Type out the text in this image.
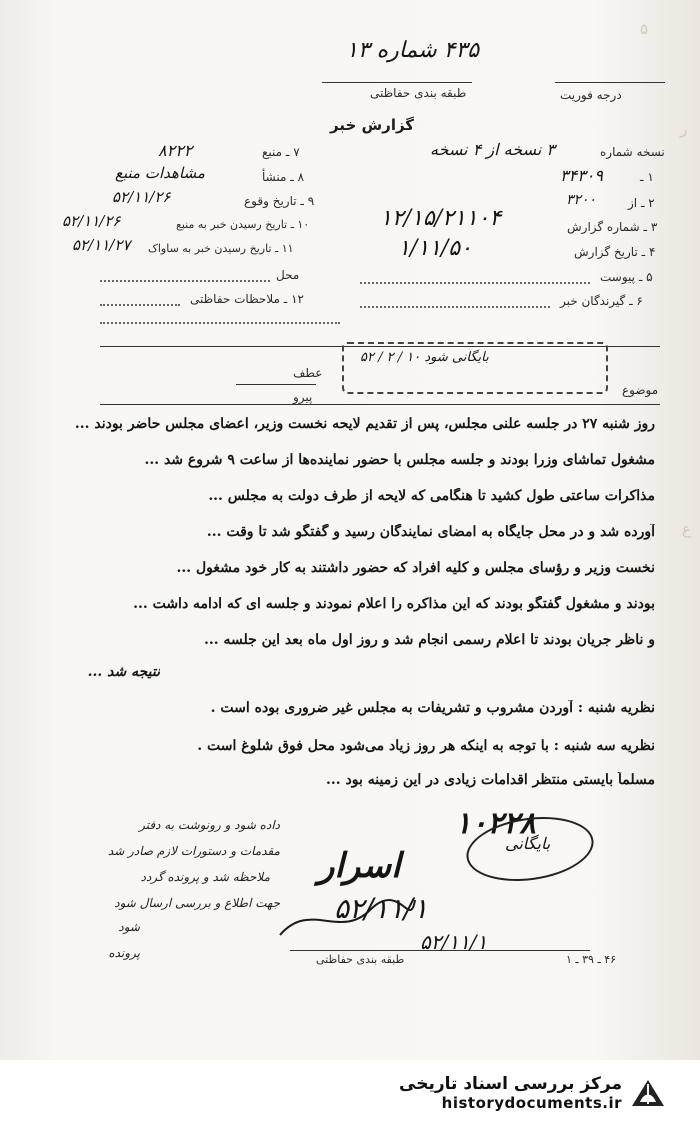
۵
ر
ع
۴۳۵ شماره ۱۳
طبقه بندی حفاظتی	درجه فوریت
گزارش خبر
نسخه شماره
۳ نسخه از ۴ نسخه
۱ ـ
۳۴۳۰۹
۲ ـ از
۳۲۰۰
۳ ـ شماره گزارش
۱۲/۱۵/۲۱۱۰۴
۴ ـ تاریخ گزارش
۱/۱۱/۵۰
۵ ـ پیوست
۶ ـ گیرندگان خبر
۷ ـ منبع
۸۲۲۲
۸ ـ منشأ
مشاهدات منبع
۹ ـ تاریخ وقوع
۵۲/۱۱/۲۶
۱۰ ـ تاریخ رسیدن خبر به منبع
۵۲/۱۱/۲۶
۱۱ ـ تاریخ رسیدن خبر به ساواک
۵۲/۱۱/۲۷
محل
۱۲ ـ ملاحظات حفاظتی
بایگانی شود ۱۰ / ۲ / ۵۲
موضوع
عطف
پیرو
روز شنبه ۲۷ در جلسه علنی مجلس، پس از تقدیم لایحه نخست وزیر، اعضای مجلس حاضر بودند ...
مشغول تماشای وزرا بودند و جلسه مجلس با حضور نماینده‌ها از ساعت ۹ شروع شد ...
مذاکرات ساعتی طول کشید تا هنگامی که لایحه از طرف دولت به مجلس ...
آورده شد و در محل جایگاه به امضای نمایندگان رسید و گفتگو شد تا وقت ...
نخست وزیر و رؤسای مجلس و کلیه افراد که حضور داشتند به کار خود مشغول ...
بودند و مشغول گفتگو بودند که این مذاکره را اعلام نمودند و جلسه ای که ادامه داشت ...
و ناظر جریان بودند تا اعلام رسمی انجام شد و روز اول ماه بعد این جلسه ...
نتیجه شد ...
نظریه شنبه : آوردن مشروب و تشریفات به مجلس غیر ضروری بوده است .
نظریه سه شنبه : با توجه به اینکه هر روز زیاد می‌شود محل فوق شلوغ است .
مسلماً بایستی منتظر اقدامات زیادی در این زمینه بود ...
۱۰۲۲۸
بایگانی
اسرار
۵۲/۱۱/۱
داده شود و رونوشت به دفتر
مقدمات و دستورات لازم صادر شد
ملاحظه شد و پرونده گردد
جهت اطلاع و بررسی ارسال شود
شود
پرونده	۵۲/۱۱/۱
طبقه بندی حفاظتی	۴۶ ـ ۳۹ ـ ۱
مرکز بررسی اسناد تاریخی
historydocuments.ir
